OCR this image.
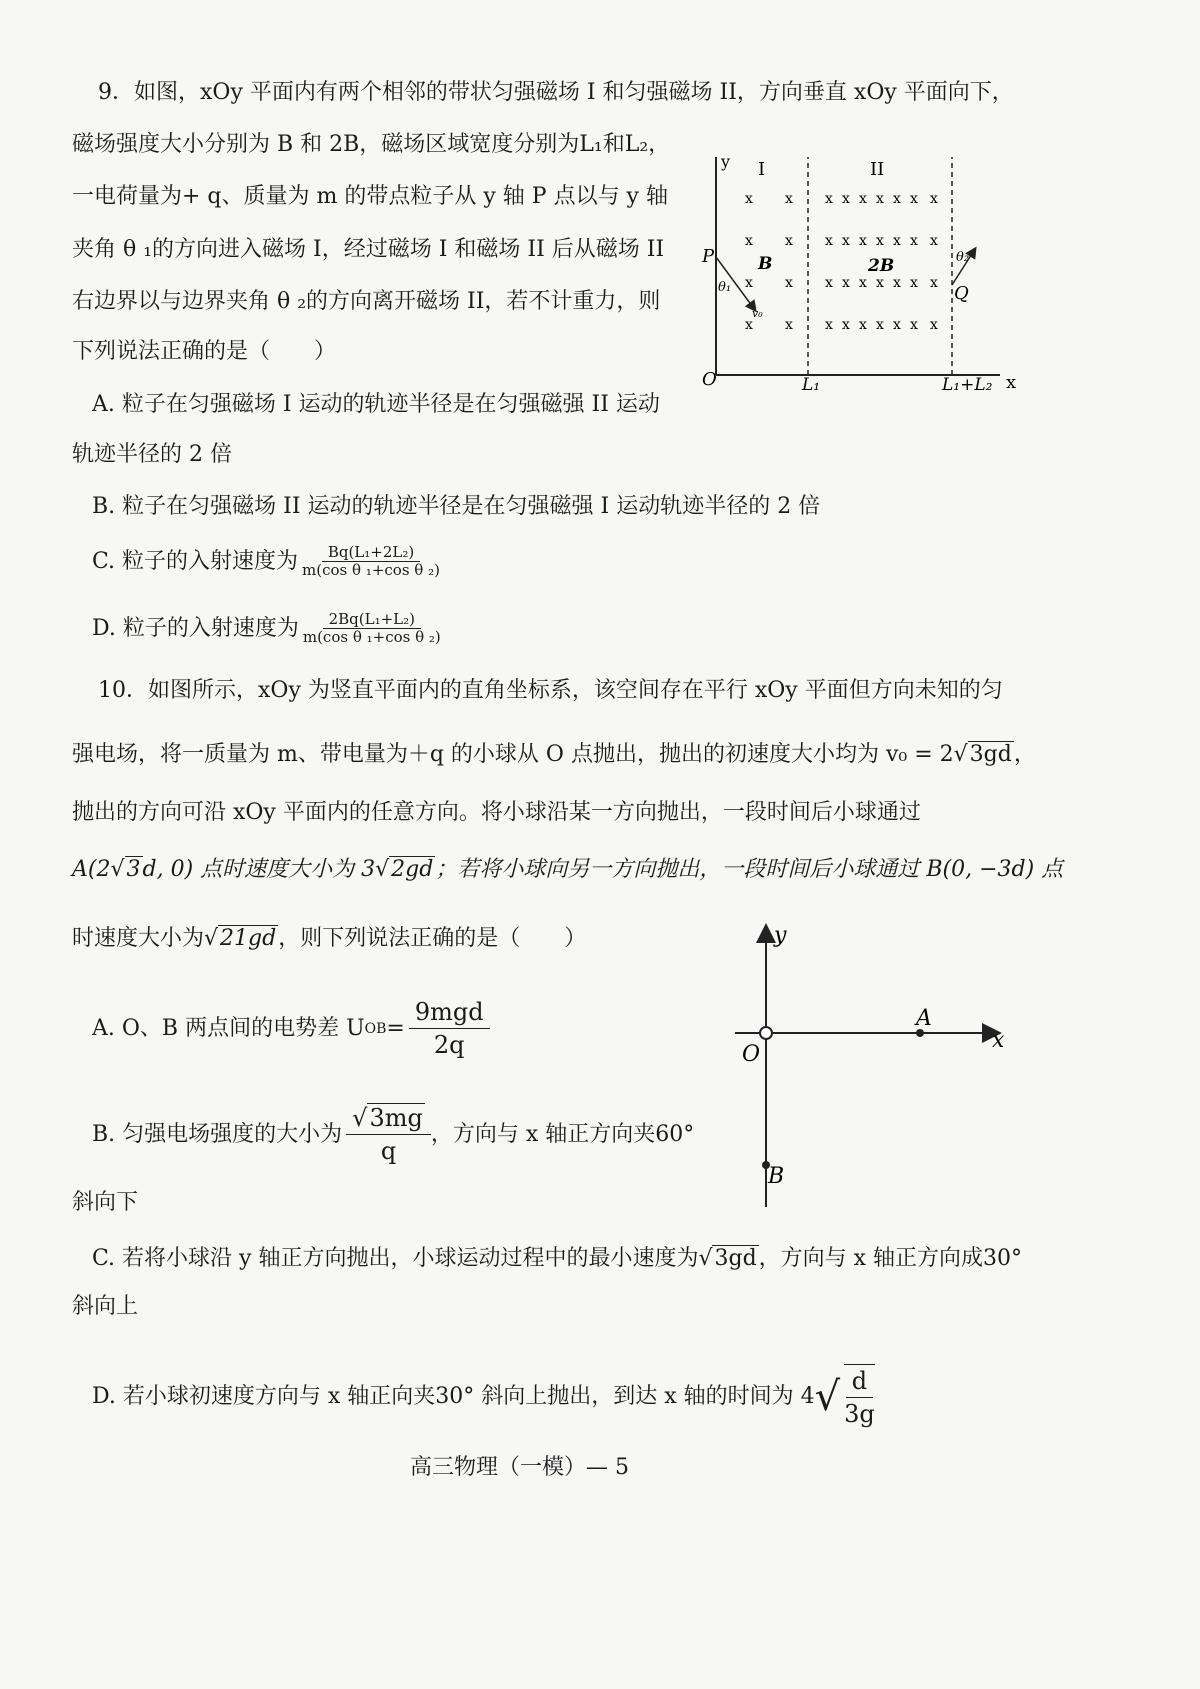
9．如图，xOy 平面内有两个相邻的带状匀强磁场 I 和匀强磁场 II，方向垂直 xOy 平面向下，
磁场强度大小分别为 B 和 2B，磁场区域宽度分别为L₁和L₂，
一电荷量为+ q、质量为 m 的带点粒子从 y 轴 P 点以与 y 轴
夹角 θ ₁的方向进入磁场 I，经过磁场 I 和磁场 II 后从磁场 II
右边界以与边界夹角 θ ₂的方向离开磁场 II，若不计重力，则
下列说法正确的是（　　）
A. 粒子在匀强磁场 I 运动的轨迹半径是在匀强磁强 II 运动
轨迹半径的 2 倍
B. 粒子在匀强磁场 II 运动的轨迹半径是在匀强磁强 I 运动轨迹半径的 2 倍
C. 粒子的入射速度为 $\frac{\text{Bq(L₁+2L₂)}}{\text{m(cos θ ₁+cos θ ₂)}}$
D. 粒子的入射速度为 $\frac{\text{2Bq(L₁+L₂)}}{\text{m(cos θ ₁+cos θ ₂)}}$
y
x
O	L₁	L₁+L₂
I	II
B	2B
P
Q
θ₁
v₀
θ₂
x x x x x x x x x
x x x x x x x x x
x x x x x x x x x
x x x x x x x x x
10．如图所示，xOy 为竖直平面内的直角坐标系，该空间存在平行 xOy 平面但方向未知的匀
强电场，将一质量为 m、带电量为＋q 的小球从 O 点抛出，抛出的初速度大小均为 v₀ = 2√3gd，
抛出的方向可沿 xOy 平面内的任意方向。将小球沿某一方向抛出，一段时间后小球通过
A(2√3d, 0) 点时速度大小为 3√2gd；若将小球向另一方向抛出，一段时间后小球通过 B(0, −3d) 点
时速度大小为√21gd，则下列说法正确的是（　　）
A. O、B 两点间的电势差 U OB =
9mgd
2q
B. 匀强电场强度的大小为 $\frac{√3mg}{q}$ ，方向与 x 轴正方向夹60°
斜向下
C. 若将小球沿 y 轴正方向抛出，小球运动过程中的最小速度为√3gd，方向与 x 轴正方向成30°
斜向上
D. 若小球初速度方向与 x 轴正向夹30° 斜向上抛出，到达 x 轴的时间为 4 √ $\frac{d}{3g}$
y
x
O
A
B
高三物理（一模）— 5
